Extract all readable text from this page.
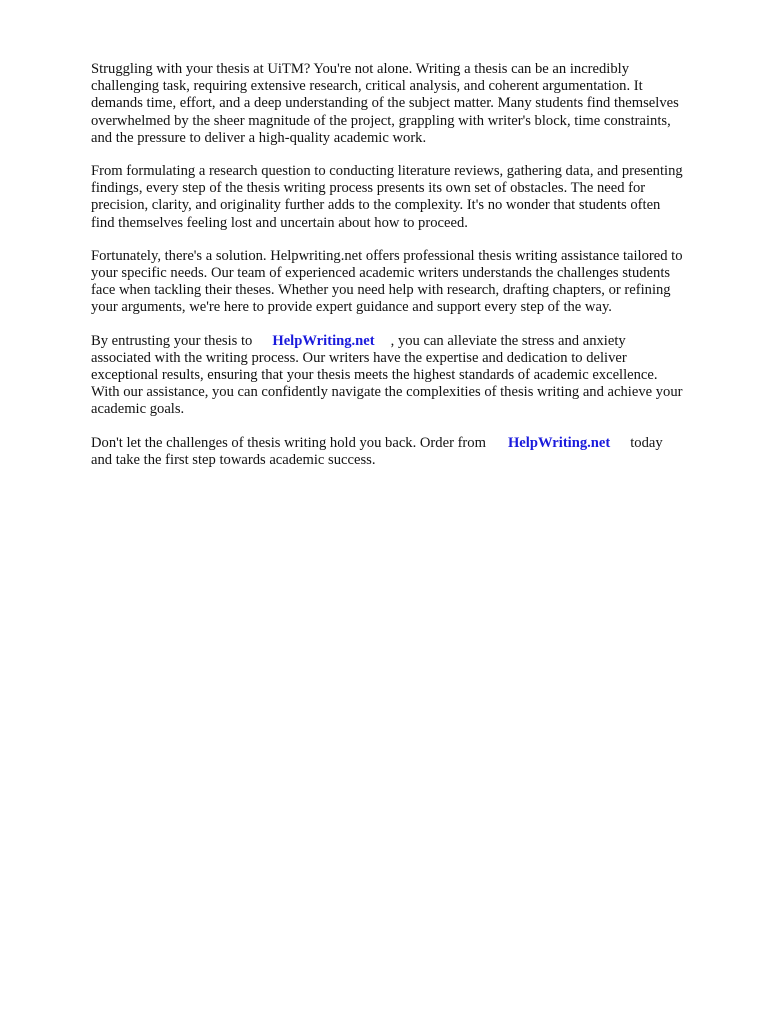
Struggling with your thesis at UiTM? You're not alone. Writing a thesis can be an incredibly
challenging task, requiring extensive research, critical analysis, and coherent argumentation. It
demands time, effort, and a deep understanding of the subject matter. Many students find themselves
overwhelmed by the sheer magnitude of the project, grappling with writer's block, time constraints,
and the pressure to deliver a high-quality academic work.

From formulating a research question to conducting literature reviews, gathering data, and presenting
findings, every step of the thesis writing process presents its own set of obstacles. The need for
precision, clarity, and originality further adds to the complexity. It's no wonder that students often
find themselves feeling lost and uncertain about how to proceed.

Fortunately, there's a solution. Helpwriting.net offers professional thesis writing assistance tailored to
your specific needs. Our team of experienced academic writers understands the challenges students
face when tackling their theses. Whether you need help with research, drafting chapters, or refining
your arguments, we're here to provide expert guidance and support every step of the way.

By entrusting your thesis to HelpWriting.net , you can alleviate the stress and anxiety
associated with the writing process. Our writers have the expertise and dedication to deliver
exceptional results, ensuring that your thesis meets the highest standards of academic excellence.
With our assistance, you can confidently navigate the complexities of thesis writing and achieve your
academic goals.

Don't let the challenges of thesis writing hold you back. Order from HelpWriting.net today
and take the first step towards academic success.
